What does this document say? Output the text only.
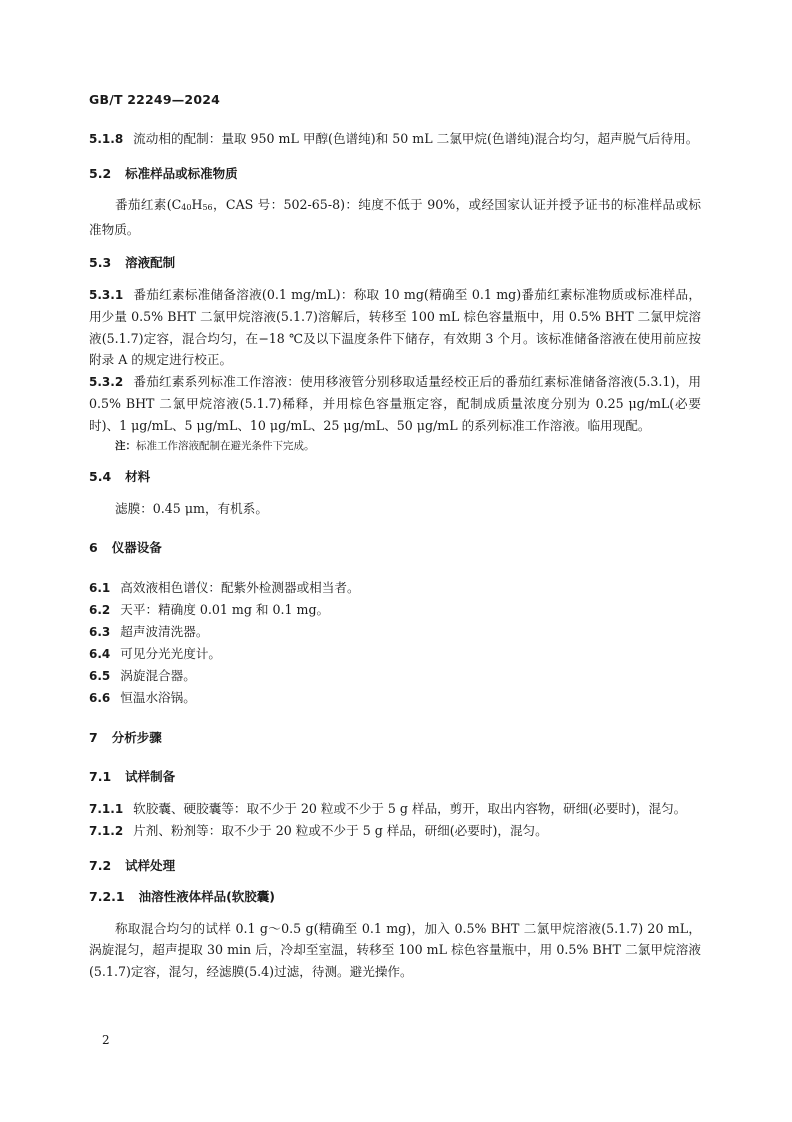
GB/T 22249—2024

5.1.8 流动相的配制：量取 950 mL 甲醇(色谱纯)和 50 mL 二氯甲烷(色谱纯)混合均匀，超声脱气后待用。

5.2 标准样品或标准物质

番茄红素($C_{40}H_{56}$，CAS 号：502-65-8)：纯度不低于 90%，或经国家认证并授予证书的标准样品或标准物质。

5.3 溶液配制

5.3.1 番茄红素标准储备溶液(0.1 mg/mL)：称取 10 mg(精确至 0.1 mg)番茄红素标准物质或标准样品，用少量 0.5% BHT 二氯甲烷溶液(5.1.7)溶解后，转移至 100 mL 棕色容量瓶中，用 0.5% BHT 二氯甲烷溶液(5.1.7)定容，混合均匀，在−18 ℃及以下温度条件下储存，有效期 3 个月。该标准储备溶液在使用前应按附录 A 的规定进行校正。

5.3.2 番茄红素系列标准工作溶液：使用移液管分别移取适量经校正后的番茄红素标准储备溶液(5.3.1)，用 0.5% BHT 二氯甲烷溶液(5.1.7)稀释，并用棕色容量瓶定容，配制成质量浓度分别为 0.25 μg/mL(必要时)、1 μg/mL、5 μg/mL、10 μg/mL、25 μg/mL、50 μg/mL 的系列标准工作溶液。临用现配。

注：标准工作溶液配制在避光条件下完成。

5.4 材料

滤膜：0.45 μm，有机系。

6 仪器设备

6.1 高效液相色谱仪：配紫外检测器或相当者。

6.2 天平：精确度 0.01 mg 和 0.1 mg。

6.3 超声波清洗器。

6.4 可见分光光度计。

6.5 涡旋混合器。

6.6 恒温水浴锅。

7 分析步骤
7.1 试样制备

7.1.1 软胶囊、硬胶囊等：取不少于 20 粒或不少于 5 g 样品，剪开，取出内容物，研细(必要时)，混匀。

7.1.2 片剂、粉剂等：取不少于 20 粒或不少于 5 g 样品，研细(必要时)，混匀。

7.2 试样处理
7.2.1 油溶性液体样品(软胶囊)

称取混合均匀的试样 0.1 g～0.5 g(精确至 0.1 mg)，加入 0.5% BHT 二氯甲烷溶液(5.1.7) 20 mL，涡旋混匀，超声提取 30 min 后，冷却至室温，转移至 100 mL 棕色容量瓶中，用 0.5% BHT 二氯甲烷溶液(5.1.7)定容，混匀，经滤膜(5.4)过滤，待测。避光操作。

2
